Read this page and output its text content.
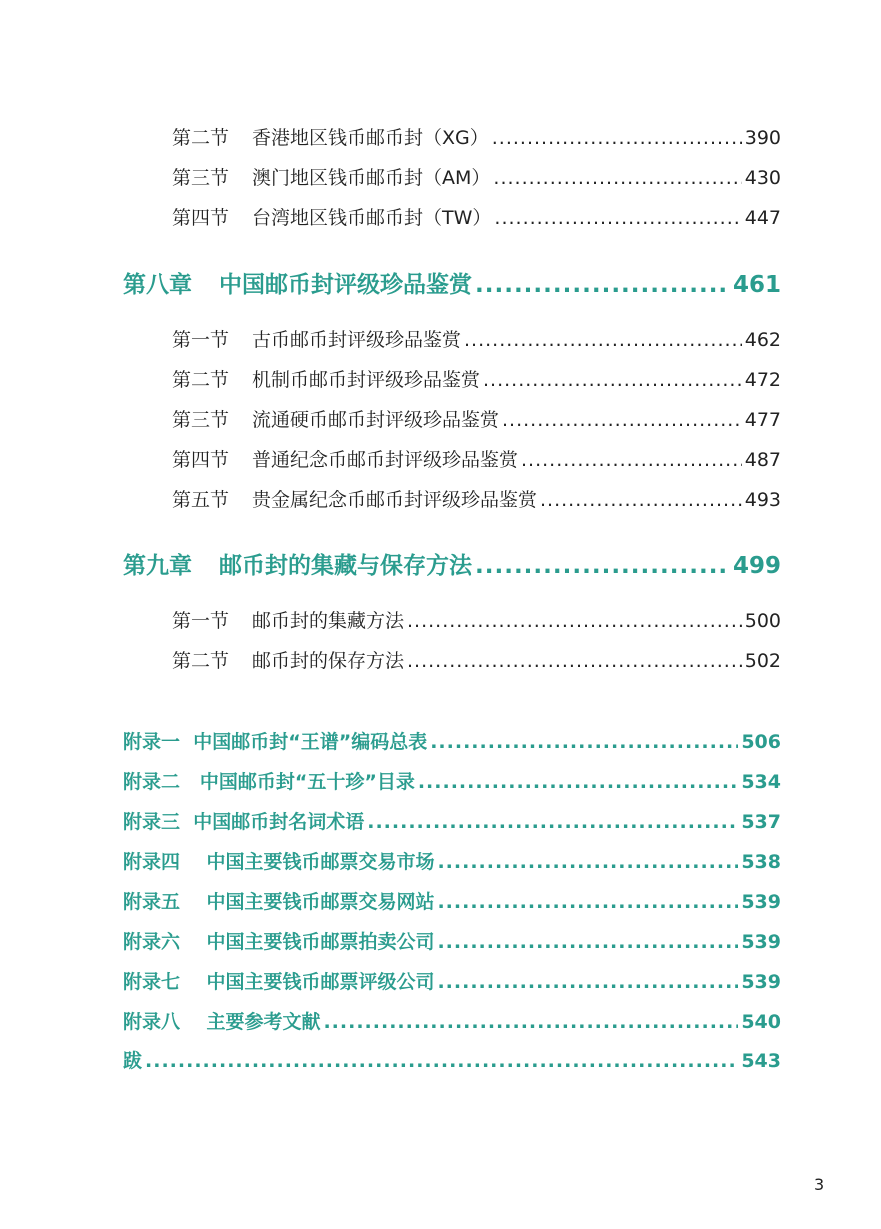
第二节 香港地区钱币邮币封（XG） .....	390
第三节 澳门地区钱币邮币封（AM） .....	430
第四节 台湾地区钱币邮币封（TW） .....	447
第八章 中国邮币封评级珍品鉴赏 .....	461
第一节 古币邮币封评级珍品鉴赏 .....	462
第二节 机制币邮币封评级珍品鉴赏 .....	472
第三节 流通硬币邮币封评级珍品鉴赏 .....	477
第四节 普通纪念币邮币封评级珍品鉴赏 .....	487
第五节 贵金属纪念币邮币封评级珍品鉴赏 .....	493
第九章 邮币封的集藏与保存方法 .....	499
第一节 邮币封的集藏方法 .....	500
第二节 邮币封的保存方法 .....	502
附录一  中国邮币封“王谱”编码总表 .....	506
附录二   中国邮币封“五十珍”目录 .....	534
附录三  中国邮币封名词术语 .....	537
附录四    中国主要钱币邮票交易市场 .....	538
附录五    中国主要钱币邮票交易网站 .....	539
附录六    中国主要钱币邮票拍卖公司 .....	539
附录七    中国主要钱币邮票评级公司 .....	539
附录八    主要参考文献 .....	540
跋 .....	543
3
